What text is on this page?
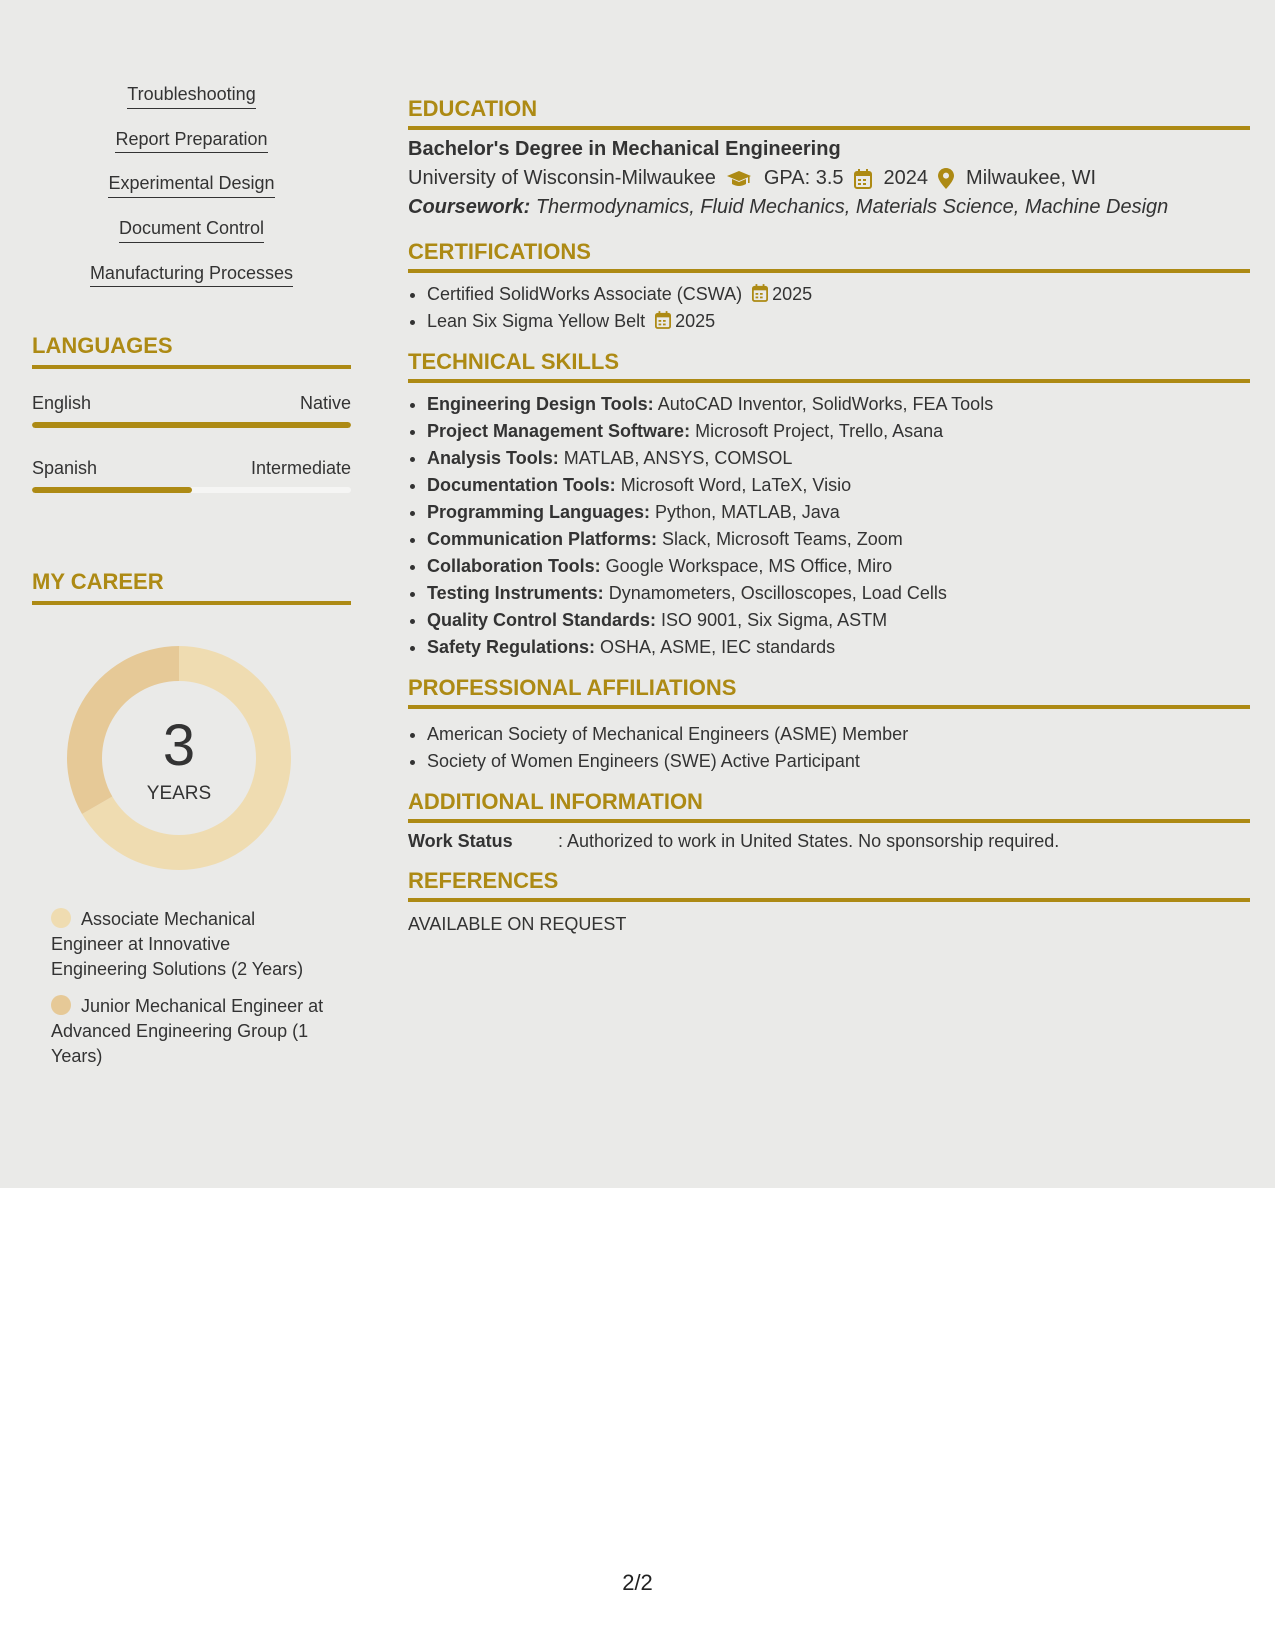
Troubleshooting
Report Preparation
Experimental Design
Document Control
Manufacturing Processes
LANGUAGES
English	Native
Spanish	Intermediate
MY CAREER
3
YEARS
Associate Mechanical Engineer at Innovative Engineering Solutions (2 Years)
Junior Mechanical Engineer at Advanced Engineering Group (1 Years)
EDUCATION
Bachelor's Degree in Mechanical Engineering
University of Wisconsin-Milwaukee GPA: 3.5 2024 Milwaukee, WI
Coursework: Thermodynamics, Fluid Mechanics, Materials Science, Machine Design
CERTIFICATIONS
• Certified SolidWorks Associate (CSWA) 2025
• Lean Six Sigma Yellow Belt 2025
TECHNICAL SKILLS
• Engineering Design Tools: AutoCAD Inventor, SolidWorks, FEA Tools
• Project Management Software: Microsoft Project, Trello, Asana
• Analysis Tools: MATLAB, ANSYS, COMSOL
• Documentation Tools: Microsoft Word, LaTeX, Visio
• Programming Languages: Python, MATLAB, Java
• Communication Platforms: Slack, Microsoft Teams, Zoom
• Collaboration Tools: Google Workspace, MS Office, Miro
• Testing Instruments: Dynamometers, Oscilloscopes, Load Cells
• Quality Control Standards: ISO 9001, Six Sigma, ASTM
• Safety Regulations: OSHA, ASME, IEC standards
PROFESSIONAL AFFILIATIONS
• American Society of Mechanical Engineers (ASME) Member
• Society of Women Engineers (SWE) Active Participant
ADDITIONAL INFORMATION
Work Status	: Authorized to work in United States. No sponsorship required.
REFERENCES
AVAILABLE ON REQUEST
2/2
